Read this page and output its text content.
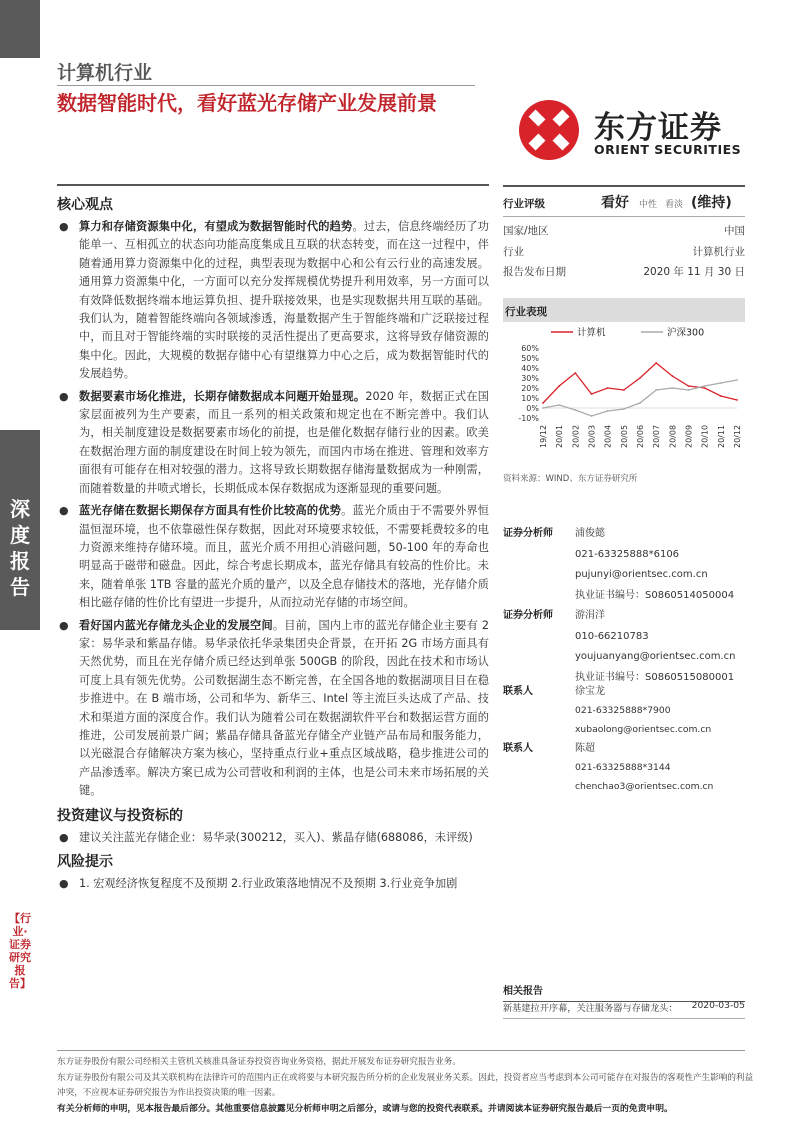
深度报告
【行业·证券研究报告】
计算机行业
数据智能时代，看好蓝光存储产业发展前景
东方证券
ORIENT SECURITIES
核心观点
● 算力和存储资源集中化，有望成为数据智能时代的趋势。过去，信息终端经历了功能单一、互相孤立的状态向功能高度集成且互联的状态转变，而在这一过程中，伴随着通用算力资源集中化的过程，典型表现为数据中心和公有云行业的高速发展。通用算力资源集中化，一方面可以充分发挥规模优势提升利用效率，另一方面可以有效降低数据终端本地运算负担、提升联接效果，也是实现数据共用互联的基础。我们认为，随着智能终端向各领域渗透，海量数据产生于智能终端和广泛联接过程中，而且对于智能终端的实时联接的灵活性提出了更高要求，这将导致存储资源的集中化。因此，大规模的数据存储中心有望继算力中心之后，成为数据智能时代的发展趋势。
● 数据要素市场化推进，长期存储数据成本问题开始显现。2020 年，数据正式在国家层面被列为生产要素，而且一系列的相关政策和规定也在不断完善中。我们认为，相关制度建设是数据要素市场化的前提，也是催化数据存储行业的因素。欧美在数据治理方面的制度建设在时间上较为领先，而国内市场在推进、管理和效率方面很有可能存在相对较强的潜力。这将导致长期数据存储海量数据成为一种刚需，而随着数量的井喷式增长，长期低成本保存数据成为逐渐显现的重要问题。
● 蓝光存储在数据长期保存方面具有性价比较高的优势。蓝光介质由于不需要外界恒温恒湿环境，也不依靠磁性保存数据，因此对环境要求较低，不需要耗费较多的电力资源来维持存储环境。而且，蓝光介质不用担心消磁问题，50-100 年的寿命也明显高于磁带和磁盘。因此，综合考虑长期成本，蓝光存储具有较高的性价比。未来，随着单张 1TB 容量的蓝光介质的量产，以及全息存储技术的落地，光存储介质相比磁存储的性价比有望进一步提升，从而拉动光存储的市场空间。
● 看好国内蓝光存储龙头企业的发展空间。目前，国内上市的蓝光存储企业主要有 2 家：易华录和紫晶存储。易华录依托华录集团央企背景，在开拓 2G 市场方面具有天然优势，而且在光存储介质已经达到单张 500GB 的阶段，因此在技术和市场认可度上具有领先优势。公司数据湖生态不断完善，在全国各地的数据湖项目目在稳步推进中。在 B 端市场，公司和华为、新华三、Intel 等主流巨头达成了产品、技术和渠道方面的深度合作。我们认为随着公司在数据湖软件平台和数据运营方面的推进，公司发展前景广阔；紫晶存储具备蓝光存储全产业链产品布局和服务能力，以光磁混合存储解决方案为核心，坚持重点行业+重点区域战略，稳步推进公司的产品渗透率。解决方案已成为公司营收和利润的主体，也是公司未来市场拓展的关键。
投资建议与投资标的
● 建议关注蓝光存储企业：易华录(300212，买入)、紫晶存储(688086，未评级)
风险提示
● 1. 宏观经济恢复程度不及预期 2.行业政策落地情况不及预期 3.行业竞争加剧
行业评级	看好	中性 看淡 (维持)
国家/地区	中国
行业	计算机行业
报告发布日期	2020 年 11 月 30 日
行业表现
计算机	沪深300
60%
50%
40%
30%
20%
10%
0%
-10%
19/12 20/01 20/02 20/03 20/04 20/05 20/06 20/07 20/08 20/09 20/10 20/11 20/12
资料来源：WIND、东方证券研究所
证券分析师	浦俊懿
021-63325888*6106
pujunyi@orientsec.com.cn
执业证书编号：S0860514050004
证券分析师	游涓洋
010-66210783
youjuanyang@orientsec.com.cn
执业证书编号：S0860515080001
联系人	徐宝龙
021-63325888*7900
xubaolong@orientsec.com.cn
联系人	陈超
021-63325888*3144
chenchao3@orientsec.com.cn
相关报告
新基建拉开序幕，关注服务器与存储龙头： 2020-03-05
东方证券股份有限公司经相关主管机关核准具备证券投资咨询业务资格，据此开展发布证券研究报告业务。
东方证券股份有限公司及其关联机构在法律许可的范围内正在或将要与本研究报告所分析的企业发展业务关系。因此，投资者应当考虑到本公司可能存在对报告的客观性产生影响的利益冲突，不应视本证券研究报告为作出投资决策的唯一因素。
有关分析师的申明，见本报告最后部分。其他重要信息披露见分析师申明之后部分，或请与您的投资代表联系。并请阅读本证券研究报告最后一页的免责申明。
